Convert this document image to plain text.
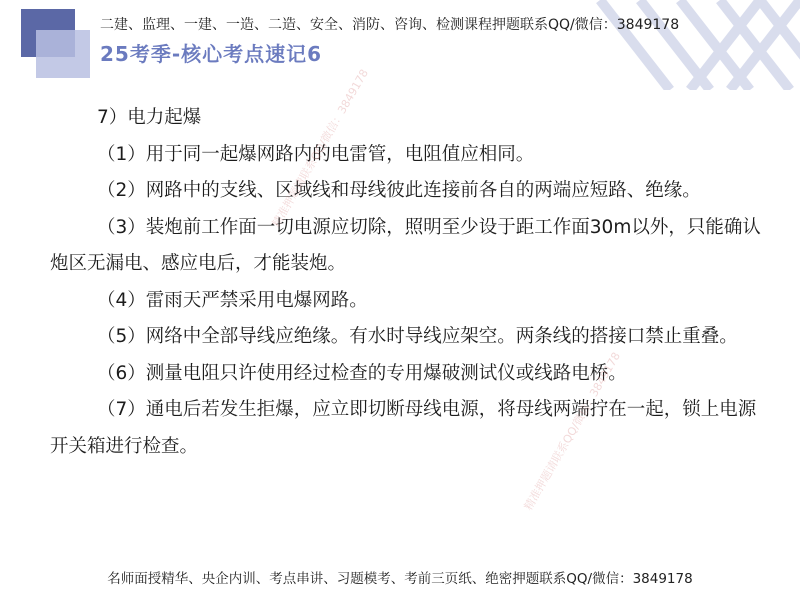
二建、监理、一建、一造、二造、安全、消防、咨询、检测课程押题联系QQ/微信：3849178
25考季-核心考点速记6
7）电力起爆

（1）用于同一起爆网路内的电雷管，电阻值应相同。

（2）网路中的支线、区域线和母线彼此连接前各自的两端应短路、绝缘。

（3）装炮前工作面一切电源应切除，照明至少设于距工作面30m以外，只能确认炮区无漏电、感应电后，才能装炮。

（4）雷雨天严禁采用电爆网路。

（5）网络中全部导线应绝缘。有水时导线应架空。两条线的搭接口禁止重叠。

（6）测量电阻只许使用经过检查的专用爆破测试仪或线路电桥。

（7）通电后若发生拒爆，应立即切断母线电源，将母线两端拧在一起，锁上电源开关箱进行检查。

精准押题请联系QQ/微信：3849178
精准押题请联系QQ/微信：3849178
名师面授精华、央企内训、考点串讲、习题模考、考前三页纸、绝密押题联系QQ/微信：3849178
